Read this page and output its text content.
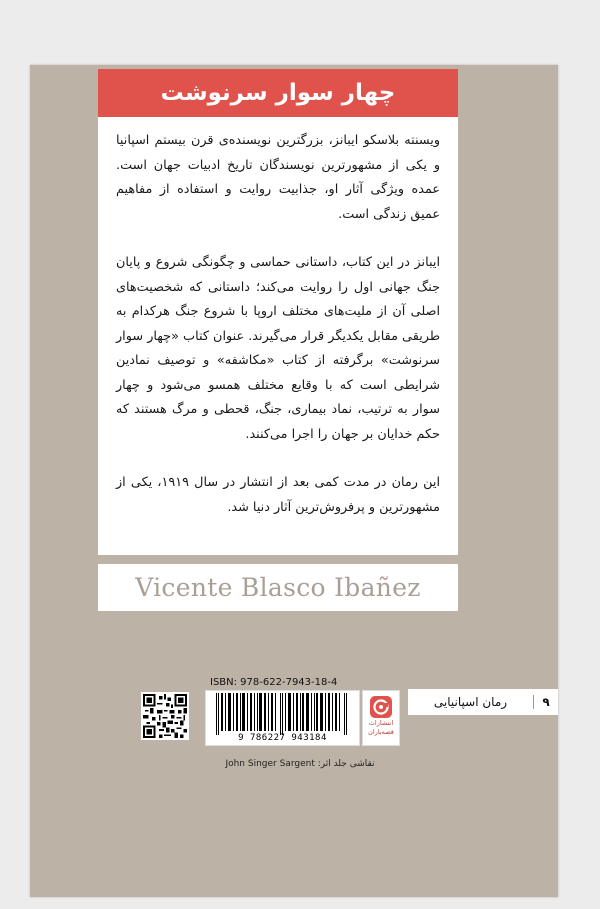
چهار سوار سرنوشت

ویسنته بلاسکو ایبانز، بزرگترین نویسنده‌ی قرن بیستم اسپانیا و یکی از مشهورترین نویسندگان تاریخ ادبیات جهان است. عمده ویژگی آثار او، جذابیت روایت و استفاده از مفاهیم عمیق زندگی است.

ایبانز در این کتاب، داستانی حماسی و چگونگی شروع و پایان جنگ جهانی اول را روایت می‌کند؛ داستانی که شخصیت‌های اصلی آن از ملیت‌های مختلف اروپا با شروع جنگ هرکدام به طریقی مقابل یکدیگر قرار می‌گیرند. عنوان کتاب «چهار سوار سرنوشت» برگرفته از کتاب «مکاشفه» و توصیف نمادین شرایطی است که با وقایع مختلف همسو می‌شود و چهار سوار به ترتیب، نماد بیماری، جنگ، قحطی و مرگ هستند که حکم خدایان بر جهان را اجرا می‌کنند.

این رمان در مدت کمی بعد از انتشار در سال ۱۹۱۹، یکی از مشهورترین و پرفروش‌ترین آثار دنیا شد.

Vicente Blasco Ibañez
ISBN: 978-622-7943-18-4
9 786227 943184
انتشارات
قصه‌باران
۹
رمان اسپانیایی
نقاشی جلد اثر: John Singer Sargent
